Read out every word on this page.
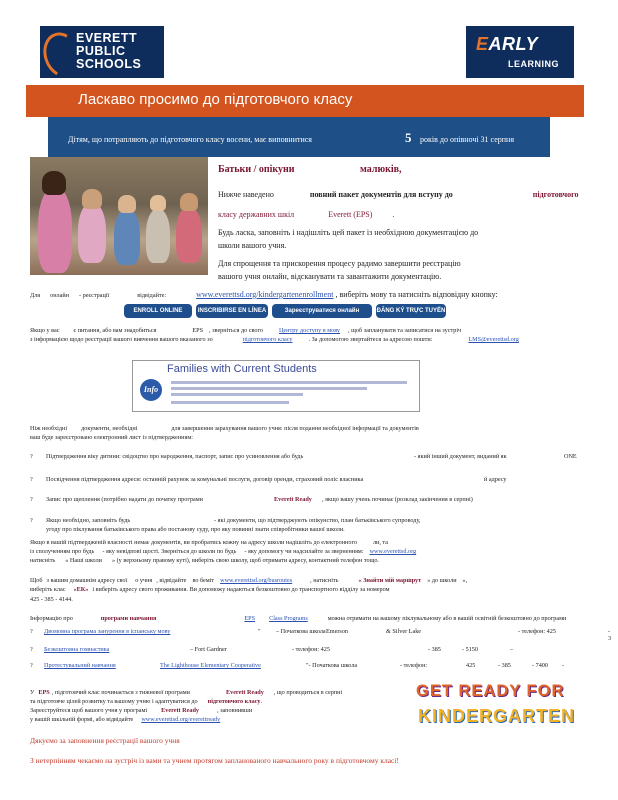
EVERETT
PUBLIC
SCHOOLS
EARLY
LEARNING
Ласкаво просимо до підготовчого класу
Дітям, що потрапляють до підготовчого класу восени, має виповнитися	5 років до опівночі 31 серпня
Батьки / опікуни	малюків,
Нижче наведено	повний пакет документів для вступу до	підготовчого
класу державних шкіл	Everett (EPS)	.
Будь ласка, заповніть і надішліть цей пакет із необхідною документацією до
школи вашого учня.
Для спрощення та прискорення процесу радимо завершити реєстрацію
вашого учня онлайн, відсканувати та завантажити документацію.
Для онлайн - реєстрації	відвідайте:	www.everettsd.org/kindergartenenrollment , виберіть мову та натисніть відповідну кнопку:
ENROLL ONLINE	INSCRIBIRSE EN LÍNEA	Зареєструватися онлайн	ĐĂNG KÝ TRỰC TUYẾN
Якщо у вас є питання, або вам знадобиться	EPS , зверніться до свого	Центру доступу в мову , щоб запланувати та записатися на зустріч
з інформацією щодо реєстрації вашого вивчення вашого вказаного зо	підготовчого класу	. За допомогою звертайтеся за адресою пошти:	LMS@everettsd.org
Families with Current Students
Info
Ніж необхідні документи, необхідні	для завершення зарахування вашого учня: після подання необхідної інформації та документів
ваш буде зареєстровано електронний лист із підтвердженням:
? Підтвердження віку дитини: свідоцтво про народження, паспорт, запис про усиновлення або будь	- який інший документ, виданий як	ONE
? Посвідчення підтвердження адреси: останній рахунок за комунальні послуги, договір оренди, страховий поліс власника	й адресу
? Запис про щеплення (потрібно надати до початку програми	Everett Ready , якщо вашу учень починає (розклад закінчення в серпні)
? Якщо необхідно, заповніть будь	- які документи, що підтверджують опікунство, план батьківського супроводу,
угоду про піклування батьківського права або постанову суду, про яку повинні знати співробітники вашої школи.
Якщо в вашій підтвердженій власності немає документів, ви пробратись кожну на адресу школи надішліть до електронного	ли, та
із сполученням про будь - яку невідпові щості. Зверніться до школи по будь - яку допомогу чи надсилайте за зверненням: www.everettsd.org
натисніть « Наші школи » (у верхньому правому куті), виберіть свою школу, щоб отримати адресу, контактний телефон тощо.
Щоб з вашим домашнім адресу свої о учня , відвідайте во беміт www.everettsd.org/busroutes	, натисніть	« Знайти мій маршрут » до школи »,
виберіть клас «ЕК» і виберіть адресу свого проживання. Ви допоможу надаються безкоштовно до транспортного відділу за номером
425 - 385 - 4144.
Інформацію про	програми навчання	EPS Class Programs	можна отримати на вашому піклувальному або в вашій освітній безкоштовно до програми
? Двомовна програма занурення в іспанську мову	" – Початкова школа Emerson	& Silver Lake	- телефон: 425	- 3
? Безкоштовна гомнастика	– Fort Gardner	- телефон: 425	- 385	- 5150	–
? Протестувальний навчання	The Lighthouse Elementary Cooperative	"- Початкова школа	- телефон:	425	- 385	- 7400 -
У EPS , підготовчий клас починається з тижневої програми	Everett Ready , що проводиться в серпні
та підготовче цілей розвитку та вашому учню і адаптуватися до підготовчого класу.
Зареєструйтеся щоб вашого учня у програмі Everett Ready	, заповнивши
у вашій шкільній формі, або відвідайте www.everettsd.org/everettready
GET READY FOR
KINDERGARTEN
Дякуємо за заповнення реєстрації вашого учня
З нетерпінням чекаємо на зустріч із вами та учнем протягом запланованого навчального року в підготовчому класі!
